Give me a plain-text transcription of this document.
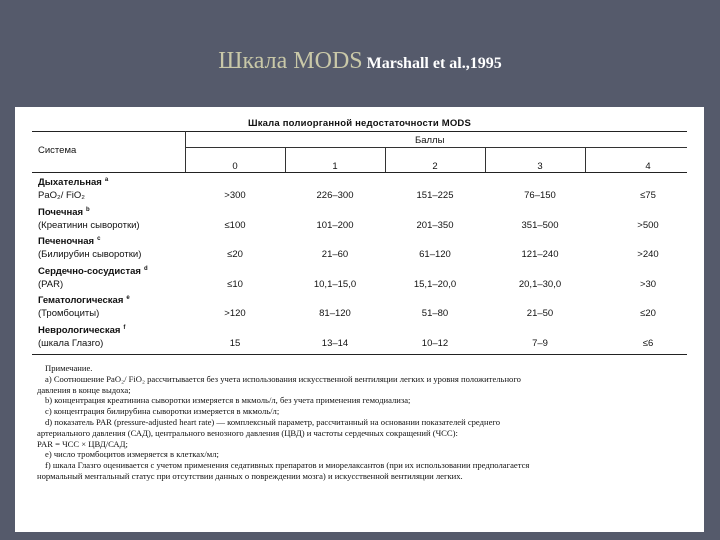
Шкала MODS Marshall et al.,1995
Шкала полиорганной недостаточности MODS
Система
Баллы
0	1	2	3	4
Дыхательная $^а$
PaO₂/ FiO₂	>300	226–300	151–225	76–150	≤75
Почечная $^b$
(Креатинин сыворотки)	≤100	101–200	201–350	351–500	>500
Печеночная $^c$
(Билирубин сыворотки)	≤20	21–60	61–120	121–240	>240
Сердечно-сосудистая $^d$
(PAR)	≤10	10,1–15,0	15,1–20,0	20,1–30,0	>30
Гематологическая $^e$
(Тромбоциты)	>120	81–120	51–80	21–50	≤20
Неврологическая $^f$
(шкала Глазго)	15	13–14	10–12	7–9	≤6
Примечание.
a) Соотношение PaO₂/ FiO₂ рассчитывается без учета использования искусственной вентиляции легких и уровня положительного
давления в конце выдоха;
b) концентрация креатинина сыворотки измеряется в мкмоль/л, без учета применения гемодиализа;
c) концентрация билирубина сыворотки измеряется в мкмоль/л;
d) показатель PAR (pressure-adjusted heart rate) — комплексный параметр, рассчитанный на основании показателей среднего
артериального давления (САД), центрального венозного давления (ЦВД) и частоты сердечных сокращений (ЧСС):
PAR = ЧСС × ЦВД/САД;
e) число тромбоцитов измеряется в клетках/мл;
f) шкала Глазго оценивается с учетом применения седативных препаратов и миорелаксантов (при их использовании предполагается
нормальный ментальный статус при отсутствии данных о повреждении мозга) и искусственной вентиляции легких.
